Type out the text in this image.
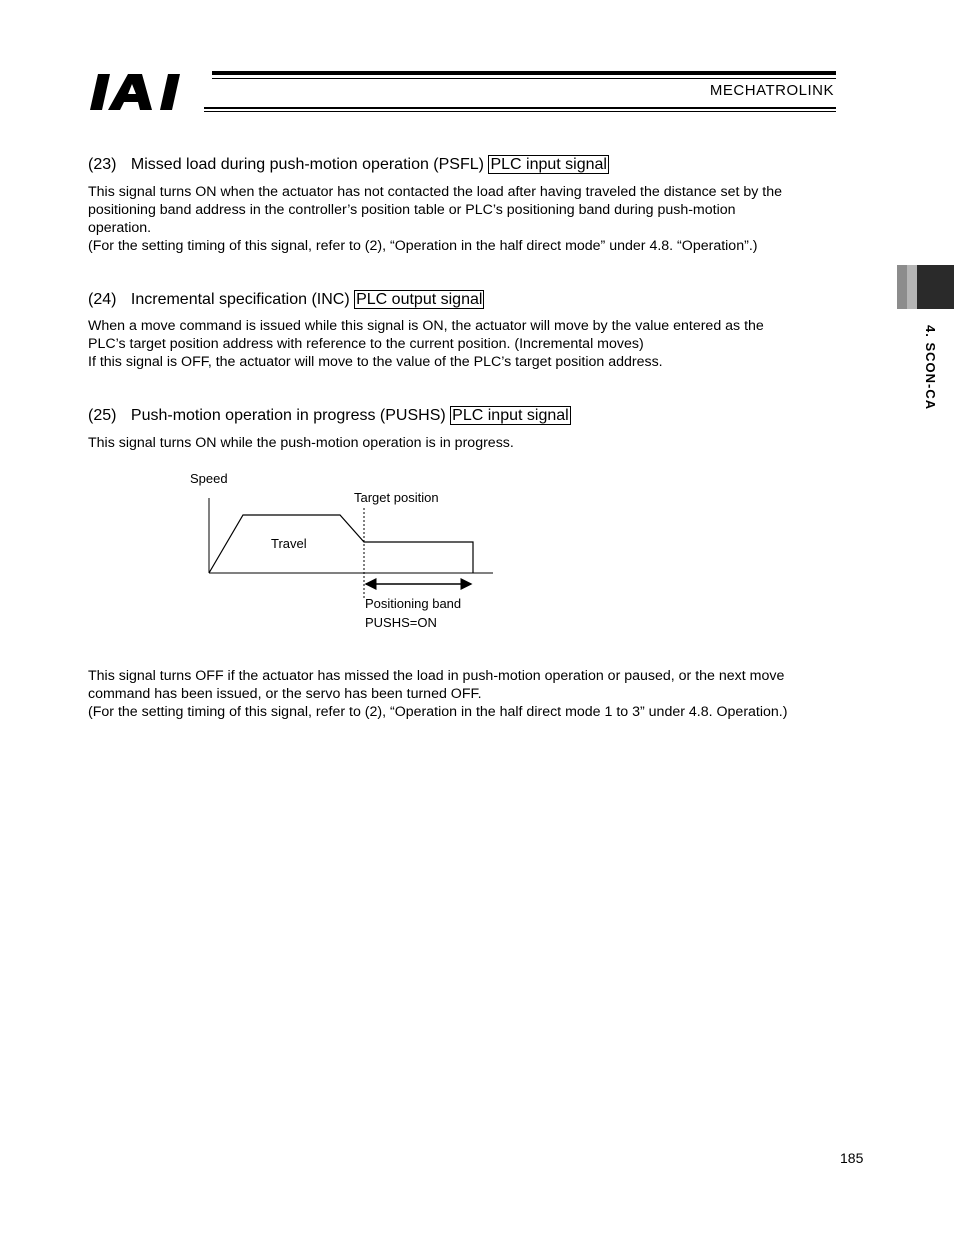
MECHATROLINK
4. SCON-CA
(23) Missed load during push-motion operation (PSFL) PLC input signal

This signal turns ON when the actuator has not contacted the load after having traveled the distance set by the

positioning band address in the controller’s position table or PLC’s positioning band during push-motion

operation.

(For the setting timing of this signal, refer to (2), “Operation in the half direct mode” under 4.8. “Operation”.)

(24) Incremental specification (INC) PLC output signal

When a move command is issued while this signal is ON, the actuator will move by the value entered as the

PLC’s target position address with reference to the current position. (Incremental moves)

If this signal is OFF, the actuator will move to the value of the PLC’s target position address.

(25) Push-motion operation in progress (PUSHS) PLC input signal

This signal turns ON while the push-motion operation is in progress.

Speed
Target position
Travel
Positioning band
PUSHS=ON

This signal turns OFF if the actuator has missed the load in push-motion operation or paused, or the next move

command has been issued, or the servo has been turned OFF.

(For the setting timing of this signal, refer to (2), “Operation in the half direct mode 1 to 3” under 4.8. Operation.)

185
